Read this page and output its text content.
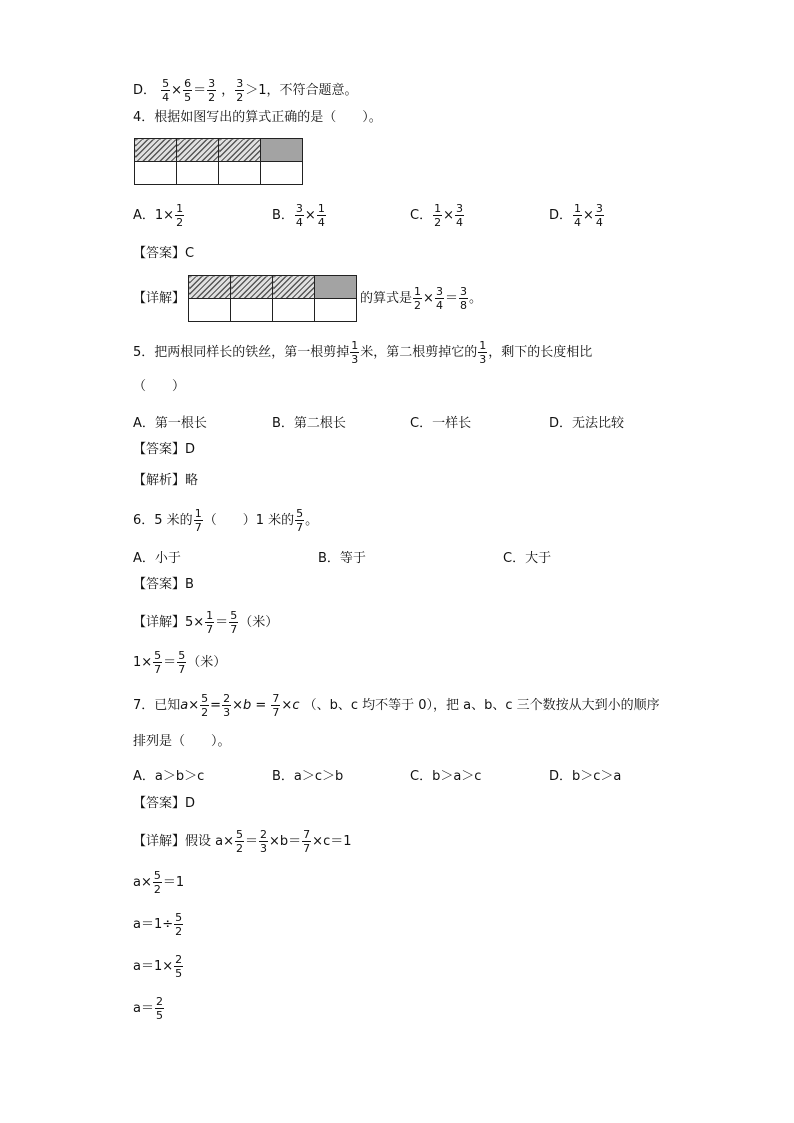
D． $\frac{5}{4} \times \frac{6}{5} = \frac{3}{2}$ ， $\frac{3}{2} >1$，不符合题意。
4．根据如图写出的算式正确的是（　　）。

A．$1\times \frac{1}{2}$	B． $\frac{3}{4} \times \frac{1}{4}$	C． $\frac{1}{2} \times \frac{3}{4}$	D． $\frac{1}{4} \times \frac{3}{4}$
【答案】C
【详解】			
				的算式是 $\frac{1}{2} \times \frac{3}{4} = \frac{3}{8}$ 。
5．把两根同样长的铁丝，第一根剪掉 $\frac{1}{3}$ 米，第二根剪掉它的 $\frac{1}{3}$ ，剩下的长度相比
（　　）
A．第一根长	B．第二根长	C．一样长	D．无法比较
【答案】D
【解析】略
6．5 米的 $\frac{1}{7}$ （　　）1 米的 $\frac{5}{7}$ 。
A．小于	B．等于	C．大于
【答案】B
【详解】$5\times \frac{1}{7} = \frac{5}{7}$ （米）
$1\times \frac{5}{7} = \frac{5}{7}$ （米）
7．已知$a\times \frac{5}{2} = \frac{2}{3} \times b = \frac{7}{7} \times c$ （、b、c 均不等于 0），把 a、b、c 三个数按从大到小的顺序
排列是（　　）。
A．a＞b＞c	B．a＞c＞b	C．b＞a＞c	D．b＞c＞a
【答案】D
【详解】假设 $a\times \frac{5}{2} = \frac{2}{3} \times b= \frac{7}{7} \times c=1$
$a\times \frac{5}{2} =1$
$a=1\div \frac{5}{2}$
$a=1\times \frac{2}{5}$
$a= \frac{2}{5}$
